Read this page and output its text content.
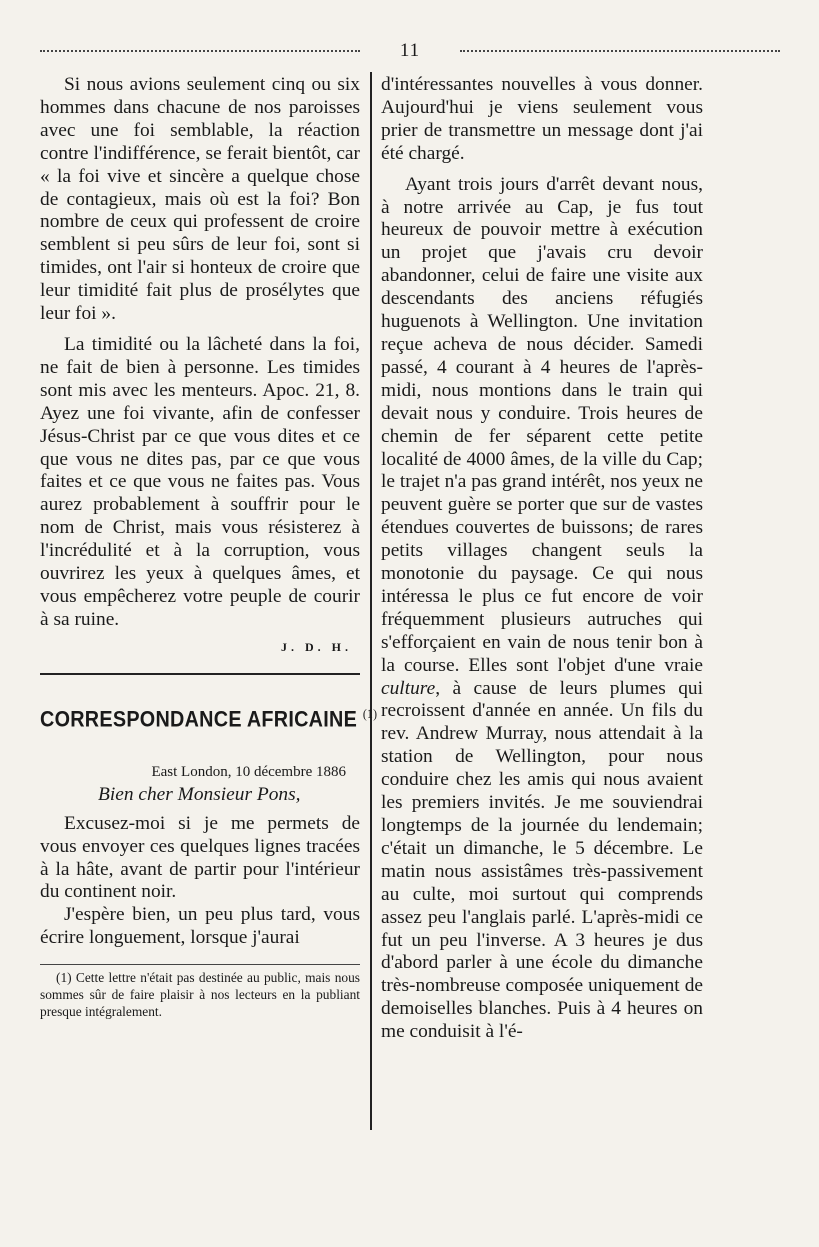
11

Si nous avions seulement cinq ou six hommes dans chacune de nos paroisses avec une foi semblable, la réaction contre l'indifférence, se ferait bientôt, car « la foi vive et sincère a quelque chose de contagieux, mais où est la foi? Bon nombre de ceux qui professent de croire semblent si peu sûrs de leur foi, sont si timides, ont l'air si honteux de croire que leur timidité fait plus de prosélytes que leur foi ».

La timidité ou la lâcheté dans la foi, ne fait de bien à personne. Les timides sont mis avec les menteurs. Apoc. 21, 8. Ayez une foi vivante, afin de confesser Jésus-Christ par ce que vous dites et ce que vous ne dites pas, par ce que vous faites et ce que vous ne faites pas. Vous aurez probablement à souffrir pour le nom de Christ, mais vous résisterez à l'incrédulité et à la corruption, vous ouvrirez les yeux à quelques âmes, et vous empêcherez votre peuple de courir à sa ruine.

J. D. H.
CORRESPONDANCE AFRICAINE $^{(1)}$
East London, 10 décembre 1886
Bien cher Monsieur Pons,

Excusez-moi si je me permets de vous envoyer ces quelques lignes tracées à la hâte, avant de partir pour l'intérieur du continent noir.

J'espère bien, un peu plus tard, vous écrire longuement, lorsque j'aurai

(1) Cette lettre n'était pas destinée au public, mais nous sommes sûr de faire plaisir à nos lecteurs en la publiant presque intégralement.

d'intéressantes nouvelles à vous donner. Aujourd'hui je viens seulement vous prier de transmettre un message dont j'ai été chargé.

Ayant trois jours d'arrêt devant nous, à notre arrivée au Cap, je fus tout heureux de pouvoir mettre à exécution un projet que j'avais cru devoir abandonner, celui de faire une visite aux descendants des anciens réfugiés huguenots à Wellington. Une invitation reçue acheva de nous décider. Samedi passé, 4 courant à 4 heures de l'après-midi, nous montions dans le train qui devait nous y conduire. Trois heures de chemin de fer séparent cette petite localité de 4000 âmes, de la ville du Cap; le trajet n'a pas grand intérêt, nos yeux ne peuvent guère se porter que sur de vastes étendues couvertes de buissons; de rares petits villages changent seuls la monotonie du paysage. Ce qui nous intéressa le plus ce fut encore de voir fréquemment plusieurs autruches qui s'efforçaient en vain de nous tenir bon à la course. Elles sont l'objet d'une vraie culture, à cause de leurs plumes qui recroissent d'année en année. Un fils du rev. Andrew Murray, nous attendait à la station de Wellington, pour nous conduire chez les amis qui nous avaient les premiers invités. Je me souviendrai longtemps de la journée du lendemain; c'était un dimanche, le 5 décembre. Le matin nous assistâmes très-passivement au culte, moi surtout qui comprends assez peu l'anglais parlé. L'après-midi ce fut un peu l'inverse. A 3 heures je dus d'abord parler à une école du dimanche très-nombreuse composée uniquement de demoiselles blanches. Puis à 4 heures on me conduisit à l'é-
